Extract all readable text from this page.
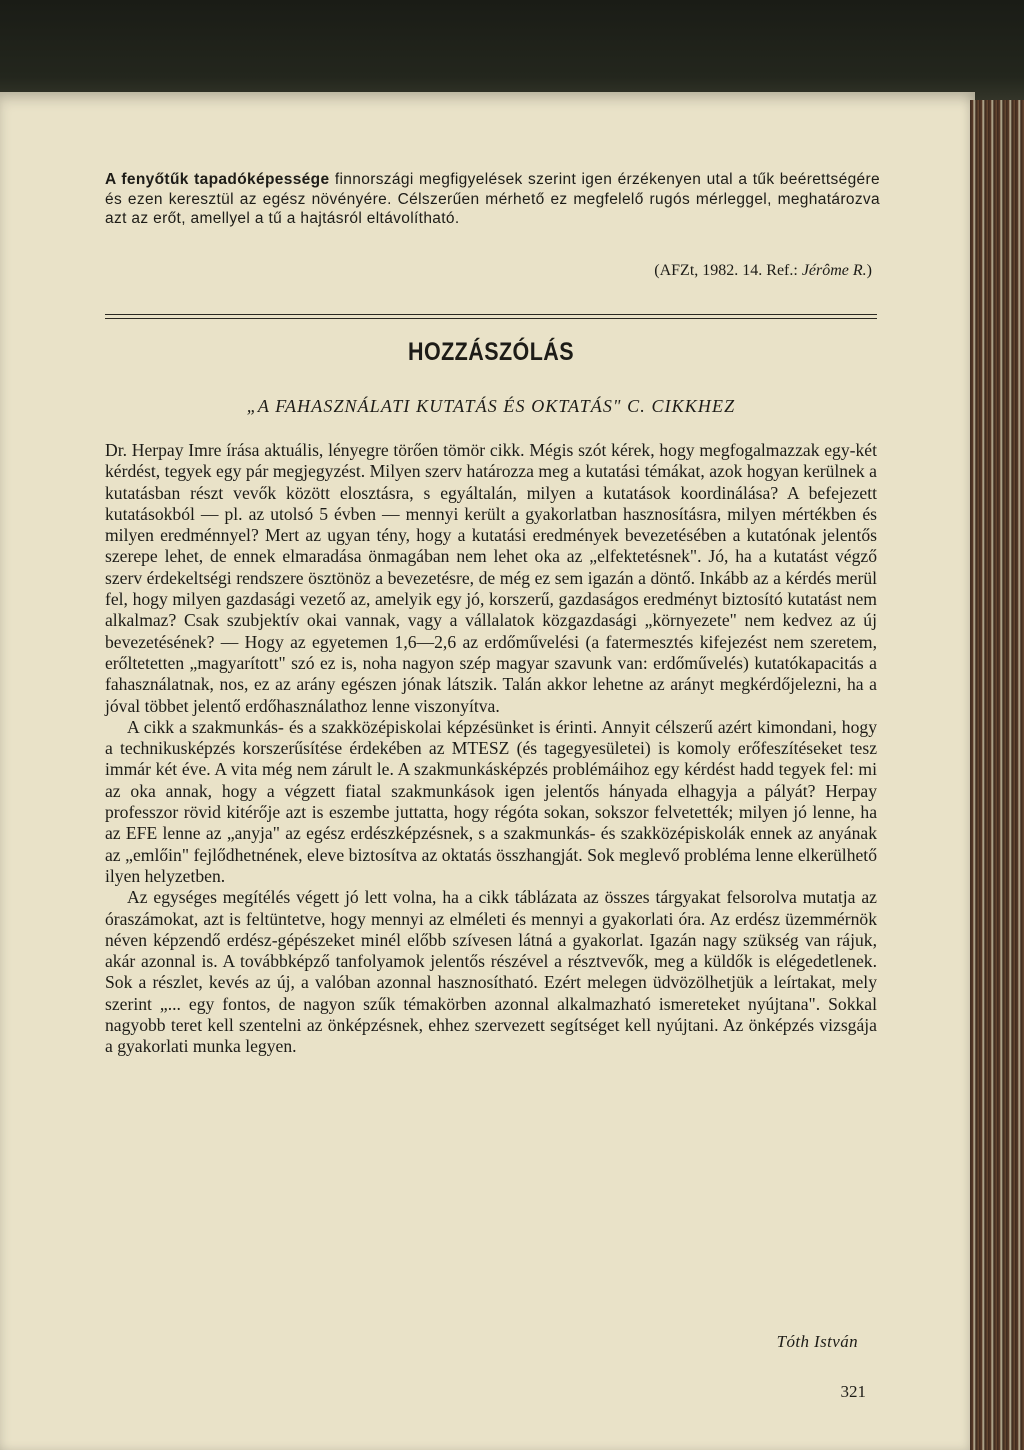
A fenyőtűk tapadóképessége finnországi megfigyelések szerint igen érzékenyen utal a tűk beérettségére és ezen keresztül az egész növényére. Célszerűen mérhető ez megfelelő rugós mérleggel, meghatározva azt az erőt, amellyel a tű a hajtásról eltávolítható.
(AFZt, 1982. 14. Ref.: Jérôme R.)
HOZZÁSZÓLÁS
„A FAHASZNÁLATI KUTATÁS ÉS OKTATÁS" C. CIKKHEZ

Dr. Herpay Imre írása aktuális, lényegre törően tömör cikk. Mégis szót kérek, hogy megfogalmazzak egy-két kérdést, tegyek egy pár megjegyzést. Milyen szerv határozza meg a kutatási témákat, azok hogyan kerülnek a kutatásban részt vevők között elosztásra, s egyáltalán, milyen a kutatások koordinálása? A befejezett kutatásokból — pl. az utolsó 5 évben — mennyi került a gyakorlatban hasznosításra, milyen mértékben és milyen eredménnyel? Mert az ugyan tény, hogy a kutatási eredmények bevezetésében a kutatónak jelentős szerepe lehet, de ennek elmaradása önmagában nem lehet oka az „elfektetésnek". Jó, ha a kutatást végző szerv érdekeltségi rendszere ösztönöz a bevezetésre, de még ez sem igazán a döntő. Inkább az a kérdés merül fel, hogy milyen gazdasági vezető az, amelyik egy jó, korszerű, gazdaságos eredményt biztosító kutatást nem alkalmaz? Csak szubjektív okai vannak, vagy a vállalatok közgazdasági „környezete" nem kedvez az új bevezetésének? — Hogy az egyetemen 1,6—2,6 az erdőművelési (a fatermesztés kifejezést nem szeretem, erőltetetten „magyarított" szó ez is, noha nagyon szép magyar szavunk van: erdőművelés) kutatókapacitás a fahasználatnak, nos, ez az arány egészen jónak látszik. Talán akkor lehetne az arányt megkérdőjelezni, ha a jóval többet jelentő erdőhasználathoz lenne viszonyítva.

A cikk a szakmunkás- és a szakközépiskolai képzésünket is érinti. Annyit célszerű azért kimondani, hogy a technikusképzés korszerűsítése érdekében az MTESZ (és tagegyesületei) is komoly erőfeszítéseket tesz immár két éve. A vita még nem zárult le. A szakmunkásképzés problémáihoz egy kérdést hadd tegyek fel: mi az oka annak, hogy a végzett fiatal szakmunkások igen jelentős hányada elhagyja a pályát? Herpay professzor rövid kitérője azt is eszembe juttatta, hogy régóta sokan, sokszor felvetették; milyen jó lenne, ha az EFE lenne az „anyja" az egész erdészképzésnek, s a szakmunkás- és szakközépiskolák ennek az anyának az „emlőin" fejlődhetnének, eleve biztosítva az oktatás összhangját. Sok meglevő probléma lenne elkerülhető ilyen helyzetben.

Az egységes megítélés végett jó lett volna, ha a cikk táblázata az összes tárgyakat felsorolva mutatja az óraszámokat, azt is feltüntetve, hogy mennyi az elméleti és mennyi a gyakorlati óra. Az erdész üzemmérnök néven képzendő erdész-gépészeket minél előbb szívesen látná a gyakorlat. Igazán nagy szükség van rájuk, akár azonnal is. A továbbképző tanfolyamok jelentős részével a résztvevők, meg a küldők is elégedetlenek. Sok a részlet, kevés az új, a valóban azonnal hasznosítható. Ezért melegen üdvözölhetjük a leírtakat, mely szerint „... egy fontos, de nagyon szűk témakörben azonnal alkalmazható ismereteket nyújtana". Sokkal nagyobb teret kell szentelni az önképzésnek, ehhez szervezett segítséget kell nyújtani. Az önképzés vizsgája a gyakorlati munka legyen.

Tóth István
321
